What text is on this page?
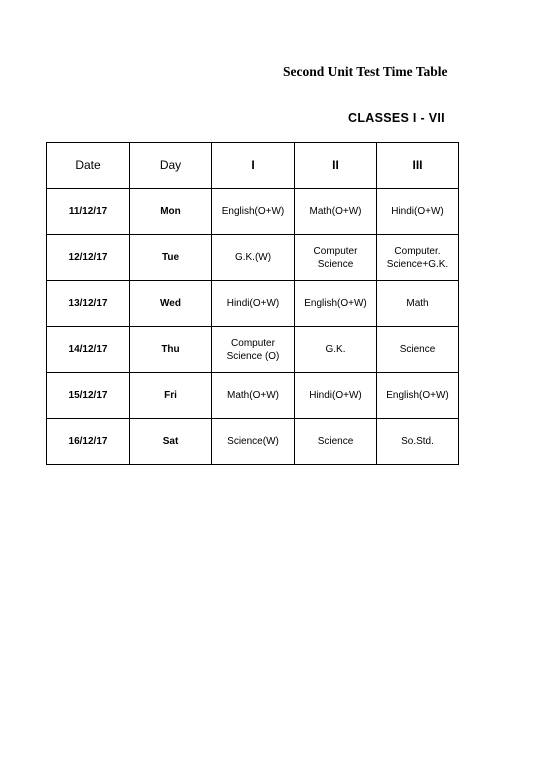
Second Unit Test Time Table
CLASSES I - VII
Date	Day	I	II	III
11/12/17	Mon	English(O+W)	Math(O+W)	Hindi(O+W)
12/12/17	Tue	G.K.(W)	Computer Science	Computer. Science+G.K.
13/12/17	Wed	Hindi(O+W)	English(O+W)	Math
14/12/17	Thu	Computer Science (O)	G.K.	Science
15/12/17	Fri	Math(O+W)	Hindi(O+W)	English(O+W)
16/12/17	Sat	Science(W)	Science	So.Std.
